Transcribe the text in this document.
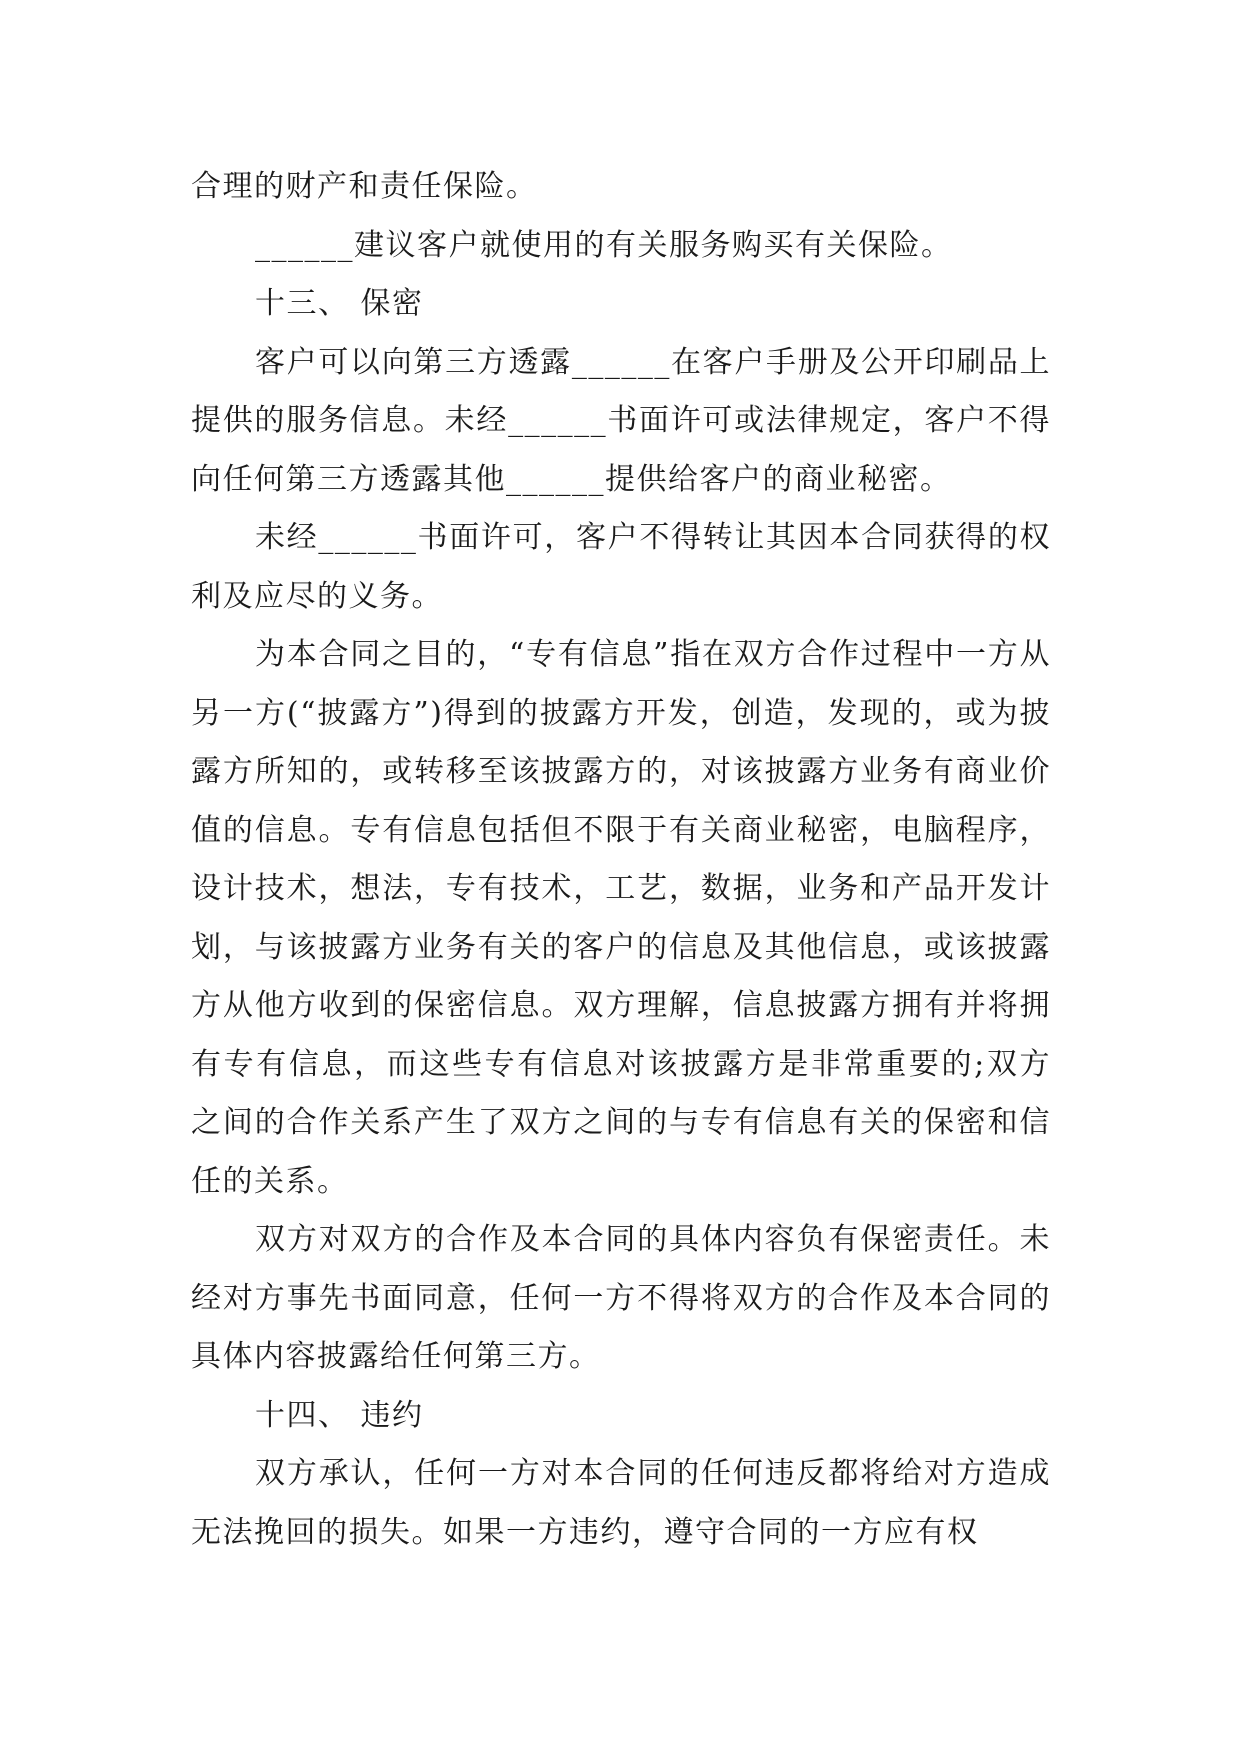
合理的财产和责任保险。

______建议客户就使用的有关服务购买有关保险。

十三、 保密

客户可以向第三方透露______在客户手册及公开印刷品上提供的服务信息。未经______书面许可或法律规定，客户不得向任何第三方透露其他______提供给客户的商业秘密。

未经______书面许可，客户不得转让其因本合同获得的权利及应尽的义务。

为本合同之目的，“专有信息”指在双方合作过程中一方从另一方(“披露方”)得到的披露方开发，创造，发现的，或为披露方所知的，或转移至该披露方的，对该披露方业务有商业价值的信息。专有信息包括但不限于有关商业秘密，电脑程序，设计技术，想法，专有技术，工艺，数据，业务和产品开发计划，与该披露方业务有关的客户的信息及其他信息，或该披露方从他方收到的保密信息。双方理解，信息披露方拥有并将拥有专有信息，而这些专有信息对该披露方是非常重要的;双方之间的合作关系产生了双方之间的与专有信息有关的保密和信任的关系。

双方对双方的合作及本合同的具体内容负有保密责任。未经对方事先书面同意，任何一方不得将双方的合作及本合同的具体内容披露给任何第三方。

十四、 违约

双方承认，任何一方对本合同的任何违反都将给对方造成无法挽回的损失。如果一方违约，遵守合同的一方应有权
